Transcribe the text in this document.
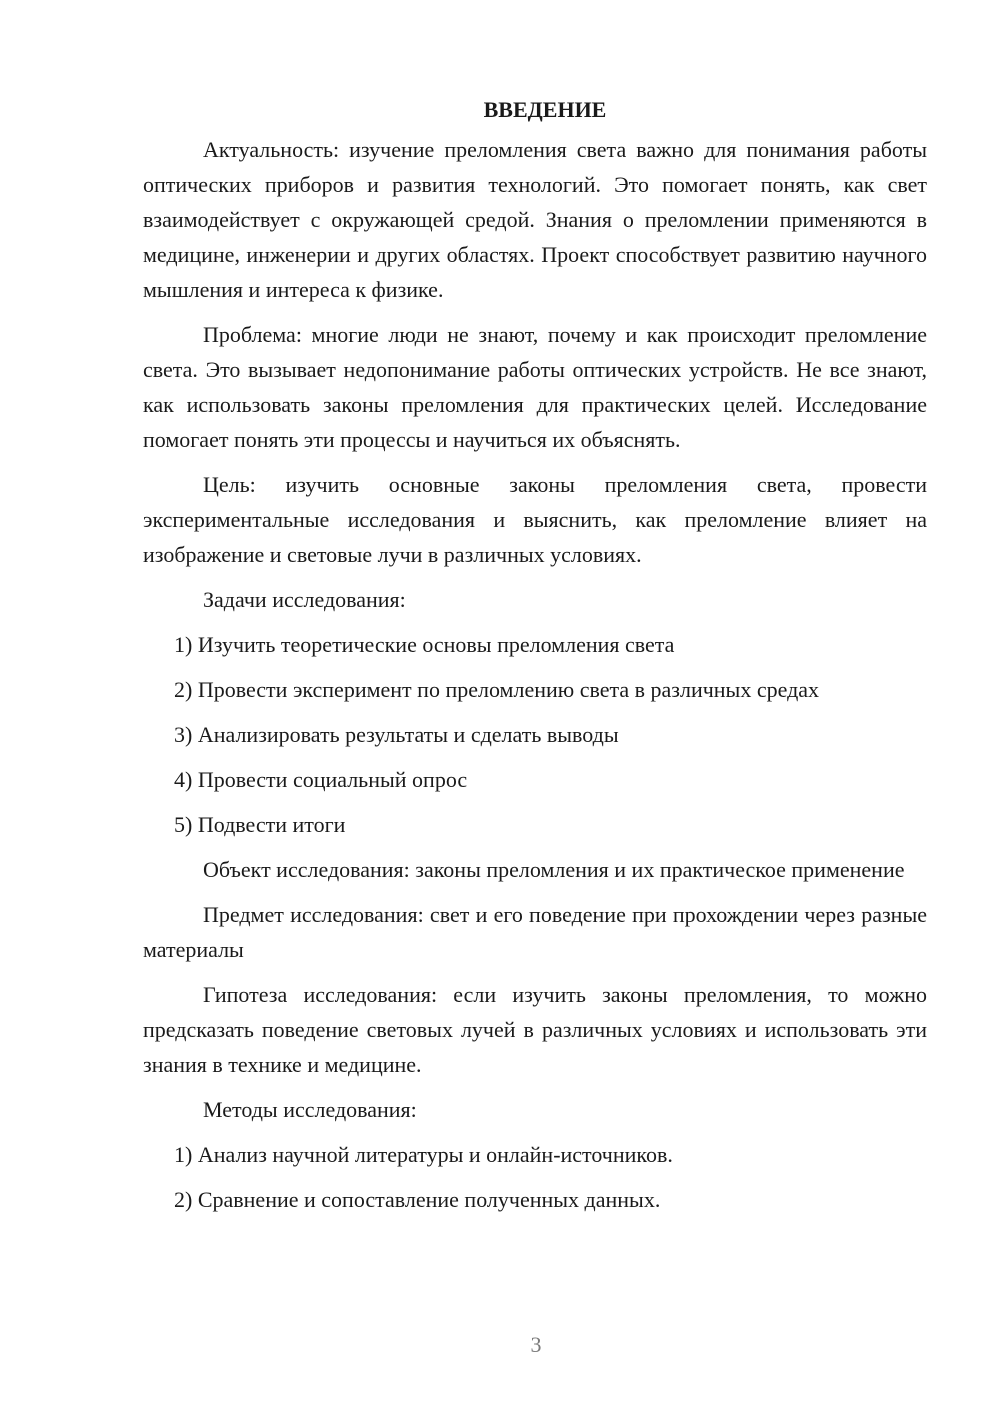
ВВЕДЕНИЕ

Актуальность: изучение преломления света важно для понимания работы оптических приборов и развития технологий. Это помогает понять, как свет взаимодействует с окружающей средой. Знания о преломлении применяются в медицине, инженерии и других областях. Проект способствует развитию научного мышления и интереса к физике.

Проблема: многие люди не знают, почему и как происходит преломление света. Это вызывает недопонимание работы оптических устройств. Не все знают, как использовать законы преломления для практических целей. Исследование помогает понять эти процессы и научиться их объяснять.

Цель: изучить основные законы преломления света, провести экспериментальные исследования и выяснить, как преломление влияет на изображение и световые лучи в различных условиях.

Задачи исследования:

1) Изучить теоретические основы преломления света

2) Провести эксперимент по преломлению света в различных средах

3) Анализировать результаты и сделать выводы

4) Провести социальный опрос

5) Подвести итоги

Объект исследования: законы преломления и их практическое применение

Предмет исследования: свет и его поведение при прохождении через разные материалы

Гипотеза исследования: если изучить законы преломления, то можно предсказать поведение световых лучей в различных условиях и использовать эти знания в технике и медицине.

Методы исследования:

1) Анализ научной литературы и онлайн-источников.

2) Сравнение и сопоставление полученных данных.

3
